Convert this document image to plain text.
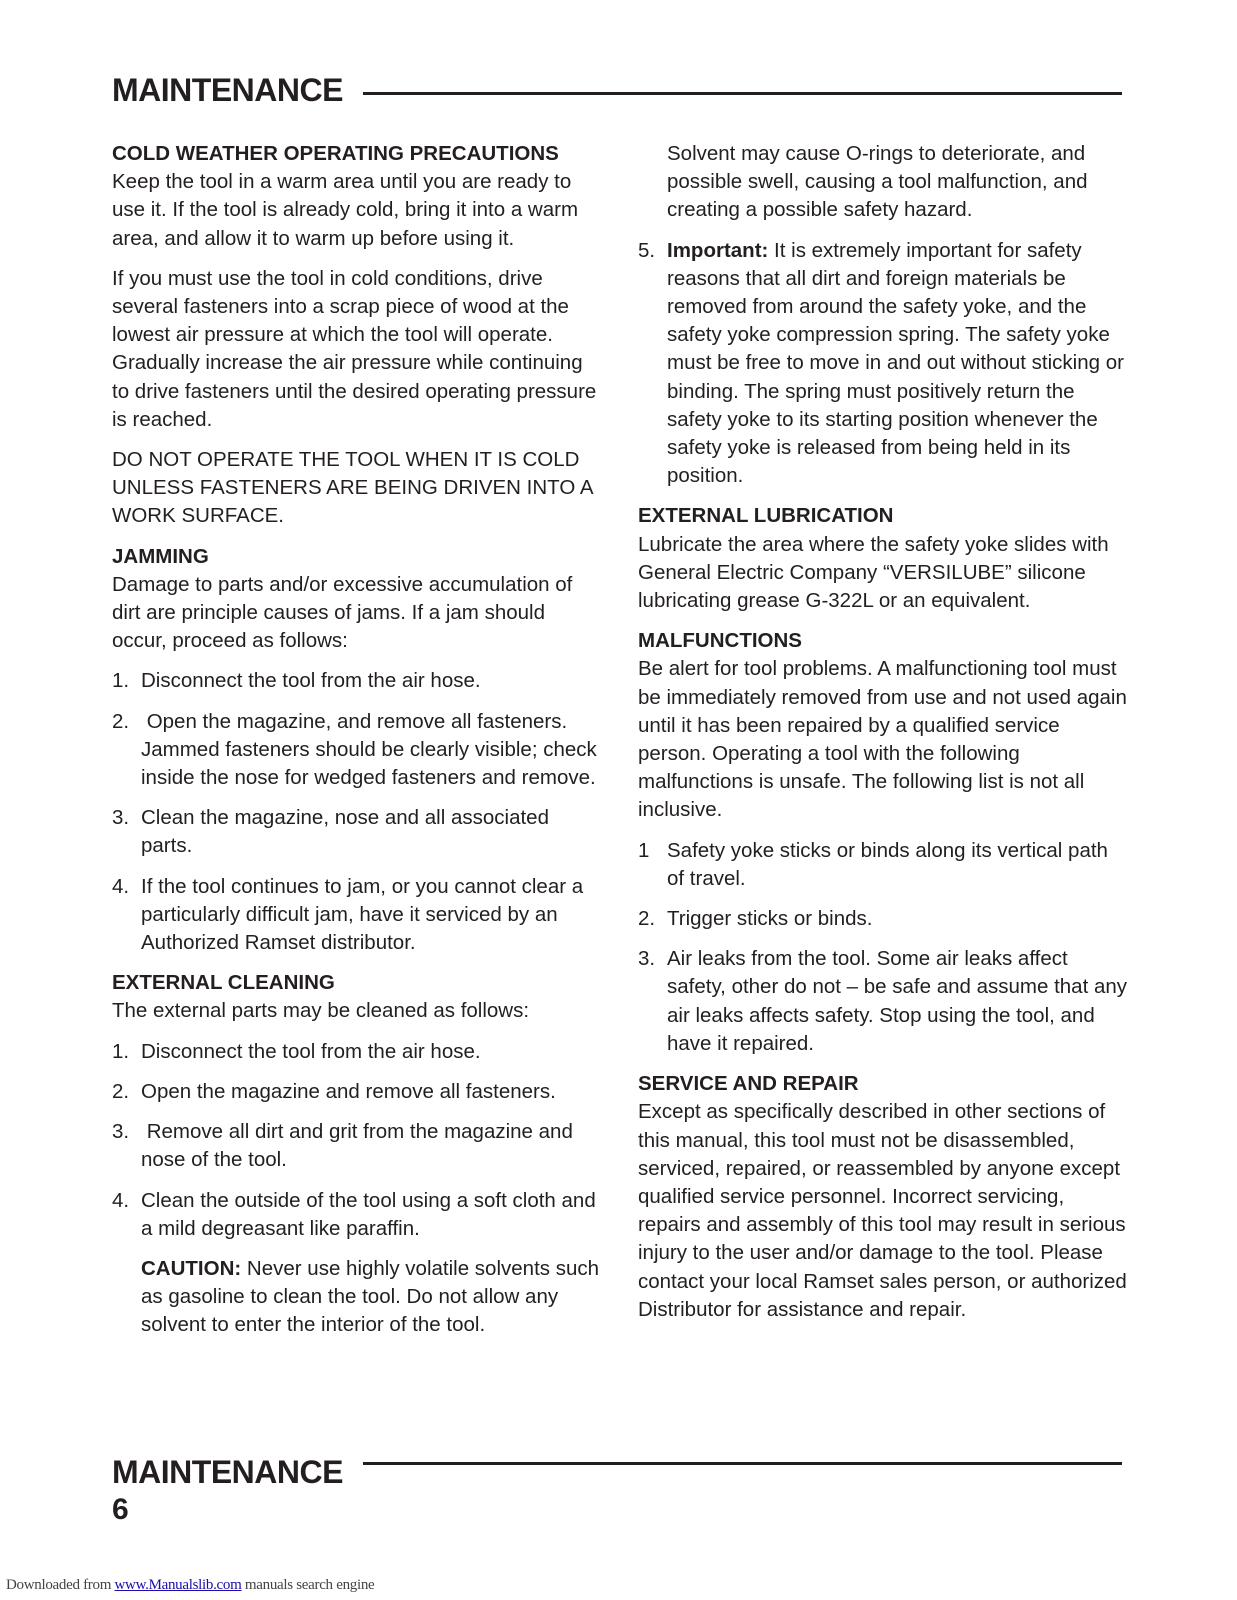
MAINTENANCE
COLD WEATHER OPERATING PRECAUTIONS

Keep the tool in a warm area until you are ready to use it. If the tool is already cold, bring it into a warm area, and allow it to warm up before using it.

If you must use the tool in cold conditions, drive several fasteners into a scrap piece of wood at the lowest air pressure at which the tool will operate. Gradually increase the air pressure while continuing to drive fasteners until the desired operating pressure is reached.

DO NOT OPERATE THE TOOL WHEN IT IS COLD UNLESS FASTENERS ARE BEING DRIVEN INTO A WORK SURFACE.

JAMMING

Damage to parts and/or excessive accumulation of dirt are principle causes of jams. If a jam should occur, proceed as follows:

1. Disconnect the tool from the air hose.
2. Open the magazine, and remove all fasteners. Jammed fasteners should be clearly visible; check inside the nose for wedged fasteners and remove.
3. Clean the magazine, nose and all associated parts.
4. If the tool continues to jam, or you cannot clear a particularly difficult jam, have it serviced by an Authorized Ramset distributor.
EXTERNAL CLEANING

The external parts may be cleaned as follows:

1. Disconnect the tool from the air hose.
2. Open the magazine and remove all fasteners.
3. Remove all dirt and grit from the magazine and nose of the tool.
4. Clean the outside of the tool using a soft cloth and a mild degreasant like paraffin.
CAUTION: Never use highly volatile solvents such as gasoline to clean the tool. Do not allow any solvent to enter the interior of the tool.
Solvent may cause O-rings to deteriorate, and possible swell, causing a tool malfunction, and creating a possible safety hazard.
5. Important: It is extremely important for safety reasons that all dirt and foreign materials be removed from around the safety yoke, and the safety yoke compression spring. The safety yoke must be free to move in and out without sticking or binding. The spring must positively return the safety yoke to its starting position whenever the safety yoke is released from being held in its position.
EXTERNAL LUBRICATION

Lubricate the area where the safety yoke slides with General Electric Company “VERSILUBE” silicone lubricating grease G-322L or an equivalent.

MALFUNCTIONS

Be alert for tool problems. A malfunctioning tool must be immediately removed from use and not used again until it has been repaired by a qualified service person. Operating a tool with the following malfunctions is unsafe. The following list is not all inclusive.

1 Safety yoke sticks or binds along its vertical path of travel.
2. Trigger sticks or binds.
3. Air leaks from the tool. Some air leaks affect safety, other do not – be safe and assume that any air leaks affects safety. Stop using the tool, and have it repaired.
SERVICE AND REPAIR

Except as specifically described in other sections of this manual, this tool must not be disassembled, serviced, repaired, or reassembled by anyone except qualified service personnel. Incorrect servicing, repairs and assembly of this tool may result in serious injury to the user and/or damage to the tool. Please contact your local Ramset sales person, or authorized Distributor for assistance and repair.

MAINTENANCE
6
Downloaded from www.Manualslib.com manuals search engine
